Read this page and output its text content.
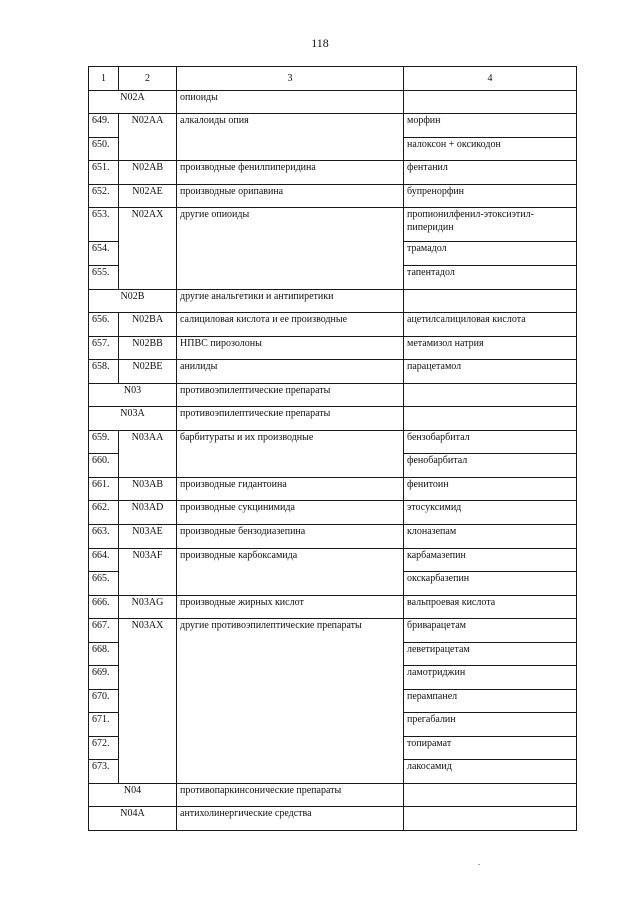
118
1	2	3	4
N02A		опиоиды	
649.	N02AA	алкалоиды опия	морфин
650.			налоксон + оксикодон
651.	N02AB	производные фенилпиперидина	фентанил
652.	N02AE	производные орипавина	бупренорфин
653.	N02AX	другие опиоиды	пропионилфенил-этоксиэтил-пиперидин
654.			трамадол
655.			тапентадол
N02B		другие анальгетики и антипиретики	
656.	N02BA	салициловая кислота и ее производные	ацетилсалициловая кислота
657.	N02BB	НПВС пирозолоны	метамизол натрия
658.	N02BE	анилиды	парацетамол
N03		противоэпилептические препараты	
N03A		противоэпилептические препараты	
659.	N03AA	барбитураты и их производные	бензобарбитал
660.			фенобарбитал
661.	N03AB	производные гидантоина	фенитоин
662.	N03AD	производные сукцинимида	этосуксимид
663.	N03AE	производные бензодиазепина	клоназепам
664.	N03AF	производные карбоксамида	карбамазепин
665.			окскарбазепин
666.	N03AG	производные жирных кислот	вальпроевая кислота
667.	N03AX	другие противоэпилептические препараты	бриварацетам
668.			леветирацетам
669.			ламотриджин
670.			перампанел
671.			прегабалин
672.			топирамат
673.			лакосамид
N04		противопаркинсонические препараты	
N04A		антихолинергические средства	
.
